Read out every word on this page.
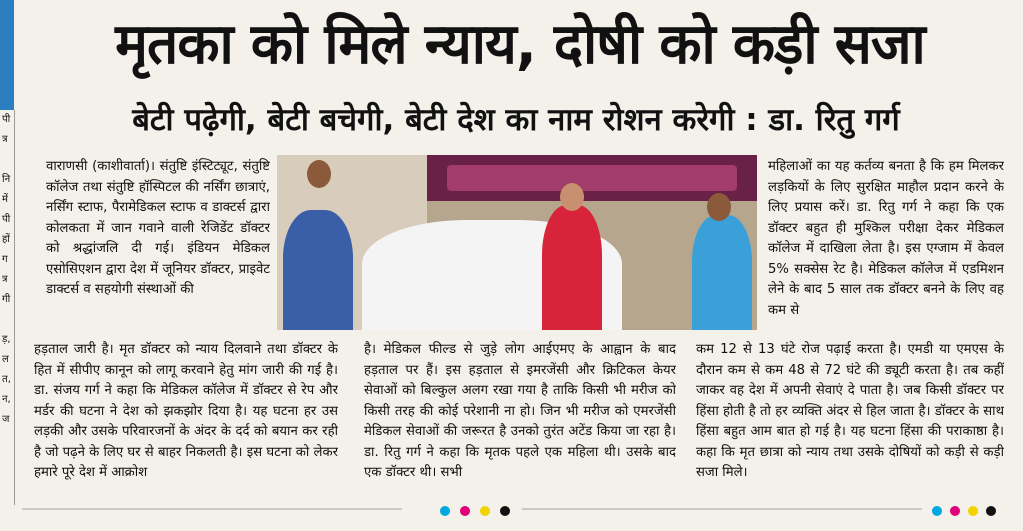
पी
त्र

नि
में
पी
हों
ग
त्र
गी

ड़,
ल
त,
न,
ज
मृतका को मिले न्याय, दोषी को कड़ी सजा
बेटी पढ़ेगी, बेटी बचेगी, बेटी देश का नाम रोशन करेगी : डा. रितु गर्ग
वाराणसी (काशीवार्ता)। संतुष्टि इंस्टिट्यूट, संतुष्टि कॉलेज तथा संतुष्टि हॉस्पिटल की नर्सिंग छात्राएं, नर्सिंग स्टाफ, पैरामेडिकल स्टाफ व डाक्टर्स द्वारा कोलकता में जान गवाने वाली रेजिडेंट डॉक्टर को श्रद्धांजलि दी गई। इंडियन मेडिकल एसोसिएशन द्वारा देश में जूनियर डॉक्टर, प्राइवेट डाक्टर्स व सहयोगी संस्थाओं की
हड़ताल जारी है। मृत डॉक्टर को न्याय दिलवाने तथा डॉक्टर के हित में सीपीए कानून को लागू करवाने हेतु मांग जारी की गई है। डा. संजय गर्ग ने कहा कि मेडिकल कॉलेज में डॉक्टर से रेप और मर्डर की घटना ने देश को झकझोर दिया है। यह घटना हर उस लड़की और उसके परिवारजनों के अंदर के दर्द को बयान कर रही है जो पढ़ने के लिए घर से बाहर निकलती है। इस घटना को लेकर हमारे पूरे देश में आक्रोश
है। मेडिकल फील्ड से जुड़े लोग आईएमए के आह्वान के बाद हड़ताल पर हैं। इस हड़ताल से इमरजेंसी और क्रिटिकल केयर सेवाओं को बिल्कुल अलग रखा गया है ताकि किसी भी मरीज को किसी तरह की कोई परेशानी ना हो। जिन भी मरीज को एमरजेंसी मेडिकल सेवाओं की जरूरत है उनको तुरंत अटेंड किया जा रहा है। डा. रितु गर्ग ने कहा कि मृतक पहले एक महिला थी। उसके बाद एक डॉक्टर थी। सभी
महिलाओं का यह कर्तव्य बनता है कि हम मिलकर लड़कियों के लिए सुरक्षित माहौल प्रदान करने के लिए प्रयास करें। डा. रितु गर्ग ने कहा कि एक डॉक्टर बहुत ही मुश्किल परीक्षा देकर मेडिकल कॉलेज में दाखिला लेता है। इस एग्जाम में केवल 5% सक्सेस रेट है। मेडिकल कॉलेज में एडमिशन लेने के बाद 5 साल तक डॉक्टर बनने के लिए वह कम से
कम 12 से 13 घंटे रोज पढ़ाई करता है। एमडी या एमएस के दौरान कम से कम 48 से 72 घंटे की ड्यूटी करता है। तब कहीं जाकर वह देश में अपनी सेवाएं दे पाता है। जब किसी डॉक्टर पर हिंसा होती है तो हर व्यक्ति अंदर से हिल जाता है। डॉक्टर के साथ हिंसा बहुत आम बात हो गई है। यह घटना हिंसा की पराकाष्ठा है। कहा कि मृत छात्रा को न्याय तथा उसके दोषियों को कड़ी से कड़ी सजा मिले।
